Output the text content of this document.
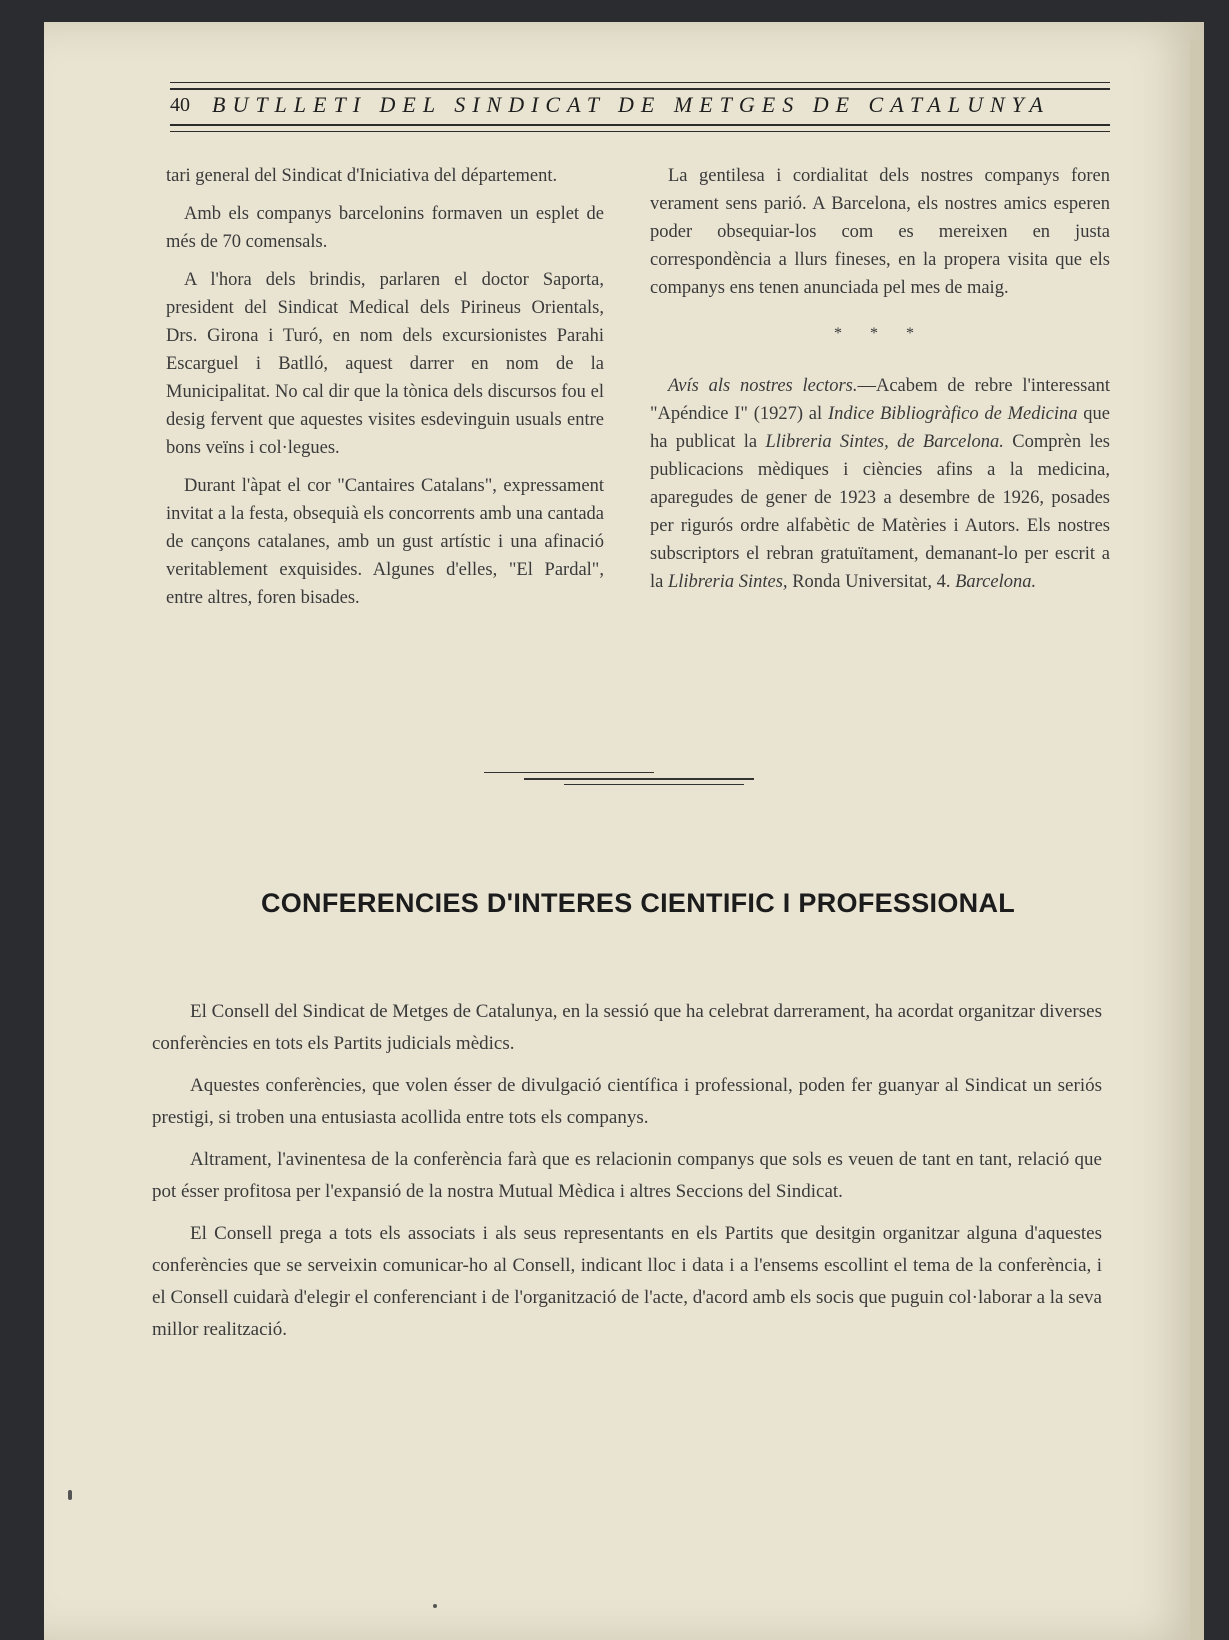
40 BUTLLETI DEL SINDICAT DE METGES DE CATALUNYA

tari general del Sindicat d'Iniciativa del département.

Amb els companys barcelonins formaven un esplet de més de 70 comensals.

A l'hora dels brindis, parlaren el doctor Saporta, president del Sindicat Medical dels Pirineus Orientals, Drs. Girona i Turó, en nom dels excursionistes Parahi Escarguel i Batlló, aquest darrer en nom de la Municipalitat. No cal dir que la tònica dels discursos fou el desig fervent que aquestes visites esdevinguin usuals entre bons veïns i col·legues.

Durant l'àpat el cor "Cantaires Catalans", expressament invitat a la festa, obsequià els concorrents amb una cantada de cançons catalanes, amb un gust artístic i una afinació veritablement exquisides. Algunes d'elles, "El Pardal", entre altres, foren bisades.

La gentilesa i cordialitat dels nostres companys foren verament sens parió. A Barcelona, els nostres amics esperen poder obsequiar-los com es mereixen en justa correspondència a llurs fineses, en la propera visita que els companys ens tenen anunciada pel mes de maig.

* * *

Avís als nostres lectors.—Acabem de rebre l'interessant "Apéndice I" (1927) al Indice Bibliogràfico de Medicina que ha publicat la Llibreria Sintes, de Barcelona. Comprèn les publicacions mèdiques i ciències afins a la medicina, aparegudes de gener de 1923 a desembre de 1926, posades per rigurós ordre alfabètic de Matèries i Autors. Els nostres subscriptors el rebran gratuïtament, demanant-lo per escrit a la Llibreria Sintes, Ronda Universitat, 4. Barcelona.

CONFERENCIES D'INTERES CIENTIFIC I PROFESSIONAL

El Consell del Sindicat de Metges de Catalunya, en la sessió que ha celebrat darrerament, ha acordat organitzar diverses conferències en tots els Partits judicials mèdics.

Aquestes conferències, que volen ésser de divulgació científica i professional, poden fer guanyar al Sindicat un seriós prestigi, si troben una entusiasta acollida entre tots els companys.

Altrament, l'avinentesa de la conferència farà que es relacionin companys que sols es veuen de tant en tant, relació que pot ésser profitosa per l'expansió de la nostra Mutual Mèdica i altres Seccions del Sindicat.

El Consell prega a tots els associats i als seus representants en els Partits que desitgin organitzar alguna d'aquestes conferències que se serveixin comunicar-ho al Consell, indicant lloc i data i a l'ensems escollint el tema de la conferència, i el Consell cuidarà d'elegir el conferenciant i de l'organització de l'acte, d'acord amb els socis que puguin col·laborar a la seva millor realització.
